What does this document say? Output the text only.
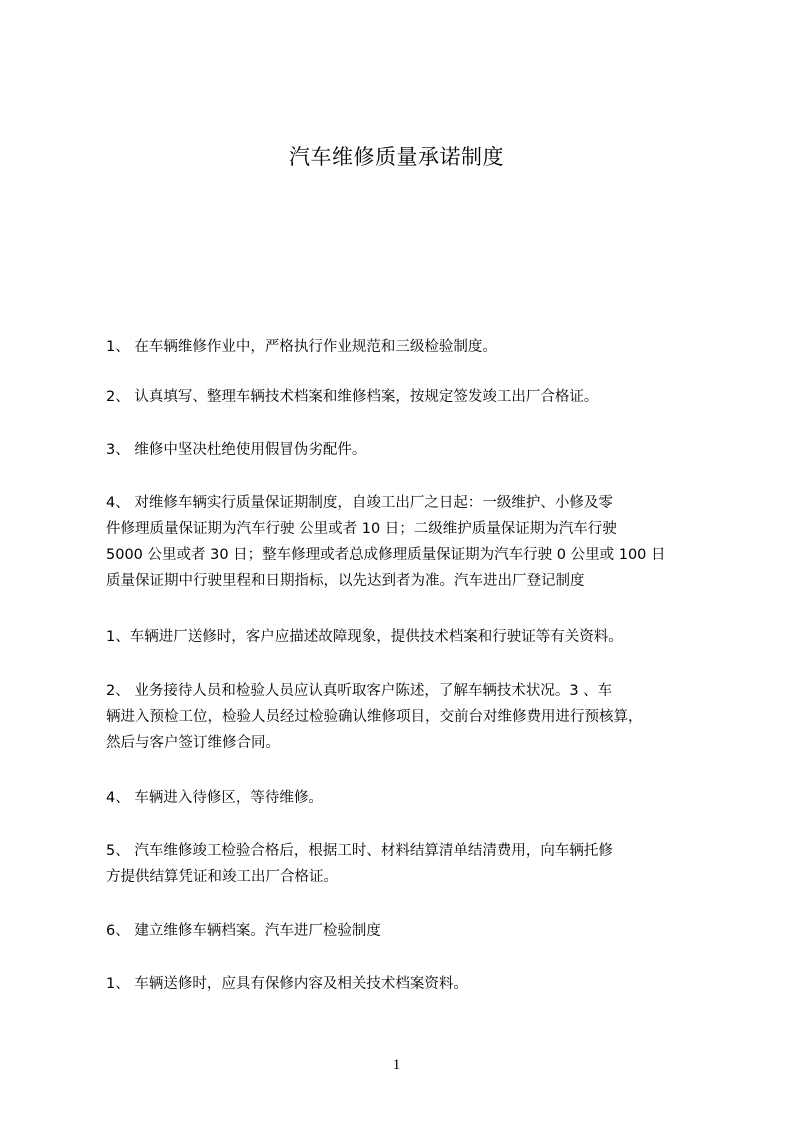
汽车维修质量承诺制度
1、 在车辆维修作业中，严格执行作业规范和三级检验制度。
2、 认真填写、整理车辆技术档案和维修档案，按规定签发竣工出厂合格证。
3、 维修中坚决杜绝使用假冒伪劣配件。
4、 对维修车辆实行质量保证期制度，自竣工出厂之日起：一级维护、小修及零
件修理质量保证期为汽车行驶 公里或者 10 日；二级维护质量保证期为汽车行驶
5000 公里或者 30 日；整车修理或者总成修理质量保证期为汽车行驶 0 公里或 100 日
质量保证期中行驶里程和日期指标，以先达到者为准。汽车进出厂登记制度
1、车辆进厂送修时，客户应描述故障现象，提供技术档案和行驶证等有关资料。
2、 业务接待人员和检验人员应认真听取客户陈述，了解车辆技术状况。3 、车
辆进入预检工位，检验人员经过检验确认维修项目，交前台对维修费用进行预核算，
然后与客户签订维修合同。
4、 车辆进入待修区，等待维修。
5、 汽车维修竣工检验合格后，根据工时、材料结算清单结清费用，向车辆托修
方提供结算凭证和竣工出厂合格证。
6、 建立维修车辆档案。汽车进厂检验制度
1、 车辆送修时，应具有保修内容及相关技术档案资料。
1
